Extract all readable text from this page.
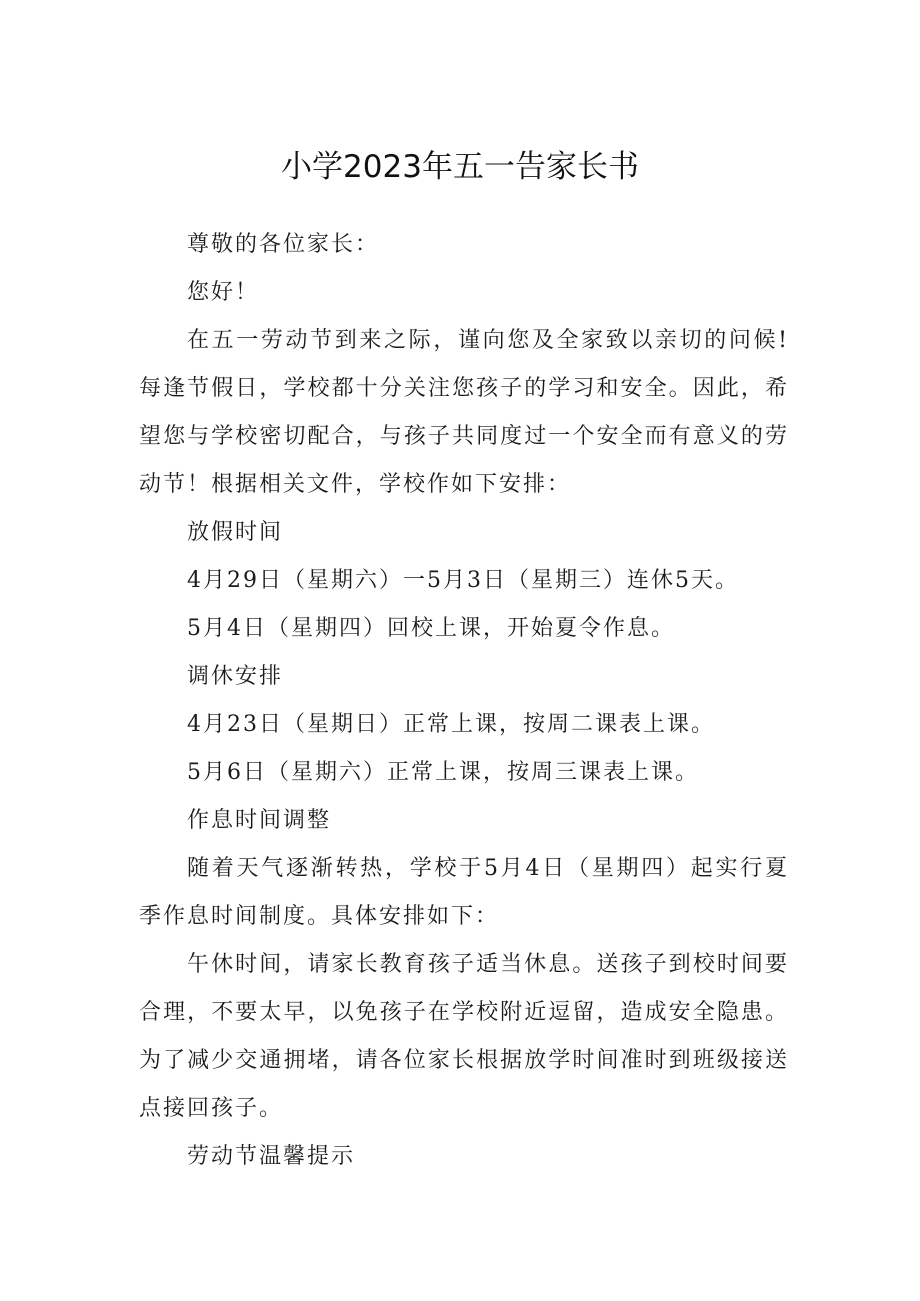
小学2023年五一告家长书

尊敬的各位家长：

您好！

在五一劳动节到来之际，谨向您及全家致以亲切的问候!每逢节假日，学校都十分关注您孩子的学习和安全。因此，希望您与学校密切配合，与孩子共同度过一个安全而有意义的劳动节！根据相关文件，学校作如下安排：

放假时间

4月29日（星期六）一5月3日（星期三）连休5天。

5月4日（星期四）回校上课，开始夏令作息。

调休安排

4月23日（星期日）正常上课，按周二课表上课。

5月6日（星期六）正常上课，按周三课表上课。

作息时间调整

随着天气逐渐转热，学校于5月4日（星期四）起实行夏季作息时间制度。具体安排如下：

午休时间，请家长教育孩子适当休息。送孩子到校时间要合理，不要太早，以免孩子在学校附近逗留，造成安全隐患。为了减少交通拥堵，请各位家长根据放学时间准时到班级接送点接回孩子。

劳动节温馨提示
